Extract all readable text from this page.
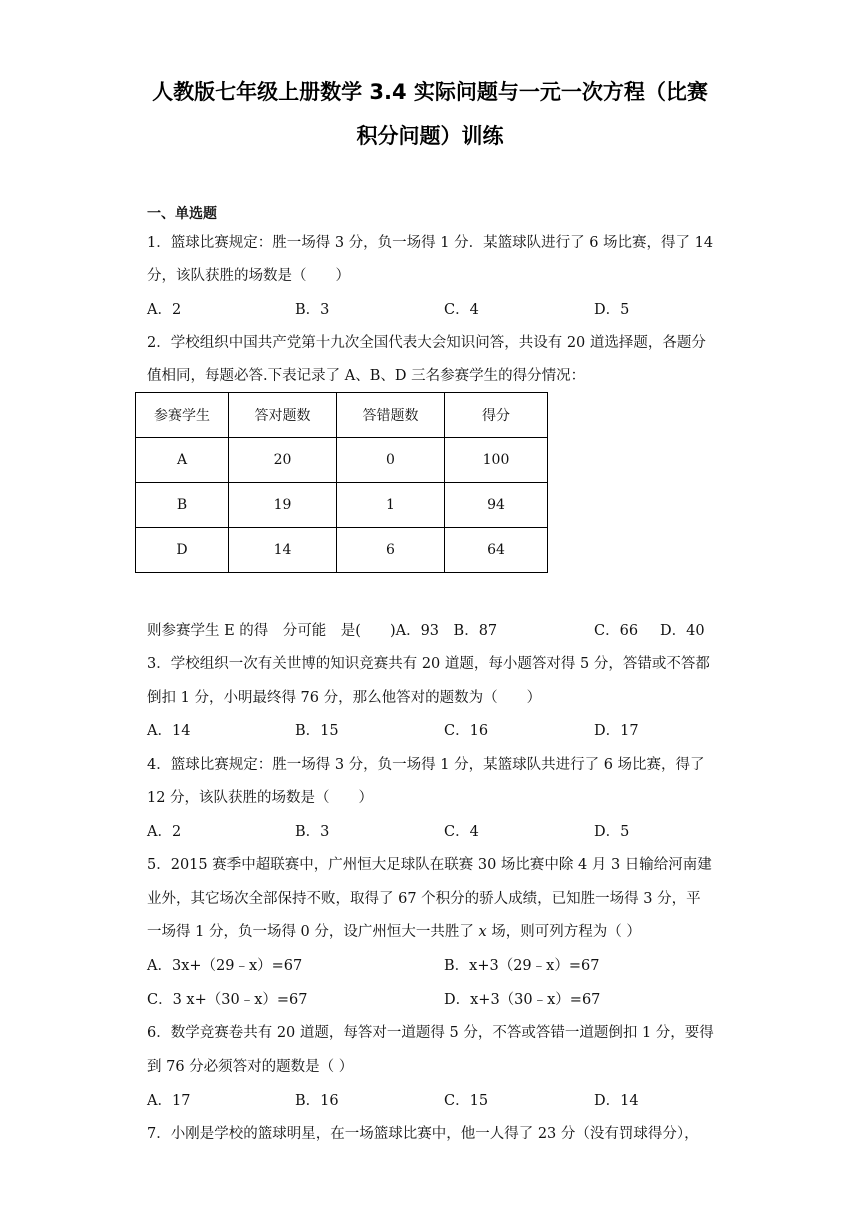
人教版七年级上册数学 3.4 实际问题与一元一次方程（比赛
积分问题）训练
一、单选题
1．篮球比赛规定：胜一场得 3 分，负一场得 1 分．某篮球队进行了 6 场比赛，得了 14
分，该队获胜的场数是（　　）
A．2	B．3	C．4	D．5
2．学校组织中国共产党第十九次全国代表大会知识问答，共设有 20 道选择题，各题分
值相同，每题必答.下表记录了 A、B、D 三名参赛学生的得分情况：
参赛学生	答对题数	答错题数	得分
A	20	0	100
B	19	1	94
D	14	6	64
则参赛学生 E 的得　分可能　是(　　)A．93　B．87	C．66 D．40
3．学校组织一次有关世博的知识竞赛共有 20 道题，每小题答对得 5 分，答错或不答都
倒扣 1 分，小明最终得 76 分，那么他答对的题数为（　　）
A．14	B．15	C．16	D．17
4．篮球比赛规定：胜一场得 3 分，负一场得 1 分，某篮球队共进行了 6 场比赛，得了
12 分，该队获胜的场数是（　　）
A．2	B．3	C．4	D．5
5．2015 赛季中超联赛中，广州恒大足球队在联赛 30 场比赛中除 4 月 3 日输给河南建
业外，其它场次全部保持不败，取得了 67 个积分的骄人成绩，已知胜一场得 3 分，平
一场得 1 分，负一场得 0 分，设广州恒大一共胜了 x 场，则可列方程为（ ）
A．3x+（29﹣x）=67	B．x+3（29﹣x）=67
C．3 x+（30﹣x）=67	D．x+3（30﹣x）=67
6．数学竞赛卷共有 20 道题，每答对一道题得 5 分，不答或答错一道题倒扣 1 分，要得
到 76 分必须答对的题数是（ ）
A．17	B．16	C．15	D．14
7．小刚是学校的篮球明星，在一场篮球比赛中，他一人得了 23 分（没有罚球得分），
